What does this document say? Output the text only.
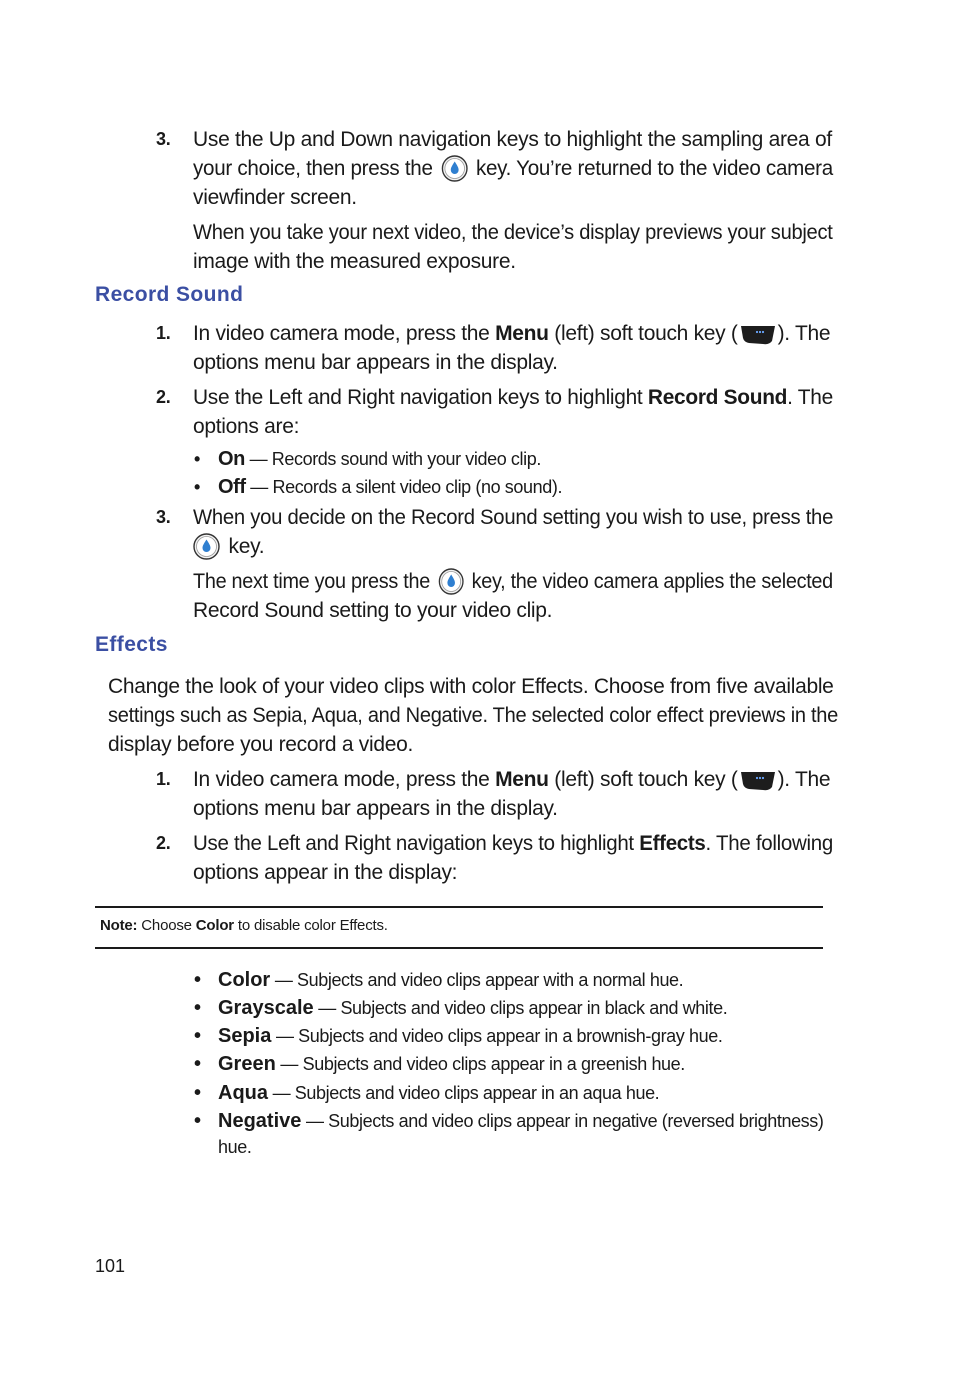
3. Use the Up and Down navigation keys to highlight the sampling area of
your choice, then press the key. You’re returned to the video camera
viewfinder screen.
When you take your next video, the device’s display previews your subject
image with the measured exposure.
Record Sound
1. In video camera mode, press the Menu (left) soft touch key ( ). The
options menu bar appears in the display.
2. Use the Left and Right navigation keys to highlight Record Sound. The
options are:
• On — Records sound with your video clip.
• Off — Records a silent video clip (no sound).
3. When you decide on the Record Sound setting you wish to use, press the
key.
The next time you press the key, the video camera applies the selected
Record Sound setting to your video clip.
Effects
Change the look of your video clips with color Effects. Choose from five available
settings such as Sepia, Aqua, and Negative. The selected color effect previews in the
display before you record a video.
1. In video camera mode, press the Menu (left) soft touch key ( ). The
options menu bar appears in the display.
2. Use the Left and Right navigation keys to highlight Effects. The following
options appear in the display:
Note: Choose Color to disable color Effects.
• Color — Subjects and video clips appear with a normal hue.
• Grayscale — Subjects and video clips appear in black and white.
• Sepia — Subjects and video clips appear in a brownish-gray hue.
• Green — Subjects and video clips appear in a greenish hue.
• Aqua — Subjects and video clips appear in an aqua hue.
• Negative — Subjects and video clips appear in negative (reversed brightness)
hue.
101
